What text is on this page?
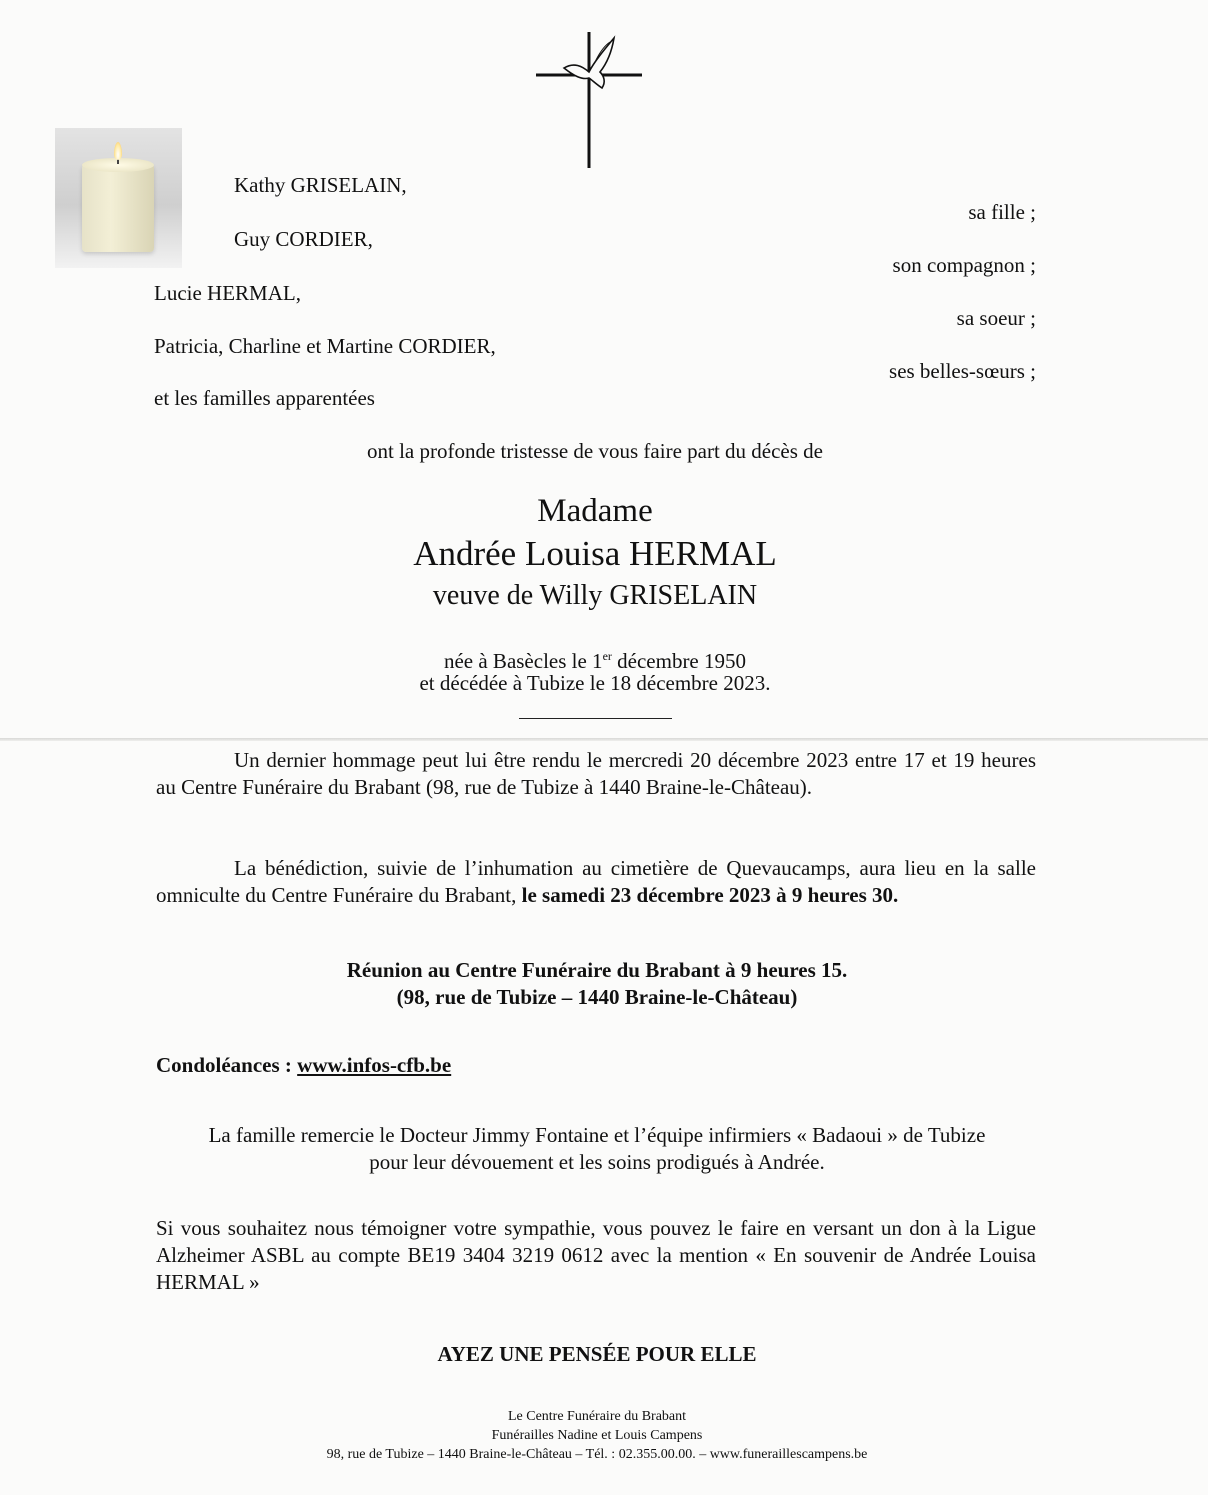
Kathy GRISELAIN,
sa fille ;
Guy CORDIER,
son compagnon ;
Lucie HERMAL,
sa soeur ;
Patricia, Charline et Martine CORDIER,
ses belles-sœurs ;
et les familles apparentées
ont la profonde tristesse de vous faire part du décès de
Madame
Andrée Louisa HERMAL
veuve de Willy GRISELAIN
née à Basècles le 1er décembre 1950
et décédée à Tubize le 18 décembre 2023.
Un dernier hommage peut lui être rendu le mercredi 20 décembre 2023 entre 17 et 19 heures au Centre Funéraire du Brabant (98, rue de Tubize à 1440 Braine-le-Château).
La bénédiction, suivie de l’inhumation au cimetière de Quevaucamps, aura lieu en la salle omniculte du Centre Funéraire du Brabant, le samedi 23 décembre 2023 à 9 heures 30.
Réunion au Centre Funéraire du Brabant à 9 heures 15.
(98, rue de Tubize – 1440 Braine-le-Château)
Condoléances : www.infos-cfb.be
La famille remercie le Docteur Jimmy Fontaine et l’équipe infirmiers « Badaoui » de Tubize
pour leur dévouement et les soins prodigués à Andrée.
Si vous souhaitez nous témoigner votre sympathie, vous pouvez le faire en versant un don à la Ligue Alzheimer ASBL au compte BE19 3404 3219 0612 avec la mention « En souvenir de Andrée Louisa HERMAL »
AYEZ UNE PENSÉE POUR ELLE
Le Centre Funéraire du Brabant
Funérailles Nadine et Louis Campens
98, rue de Tubize – 1440 Braine-le-Château – Tél. : 02.355.00.00. – www.funeraillescampens.be
